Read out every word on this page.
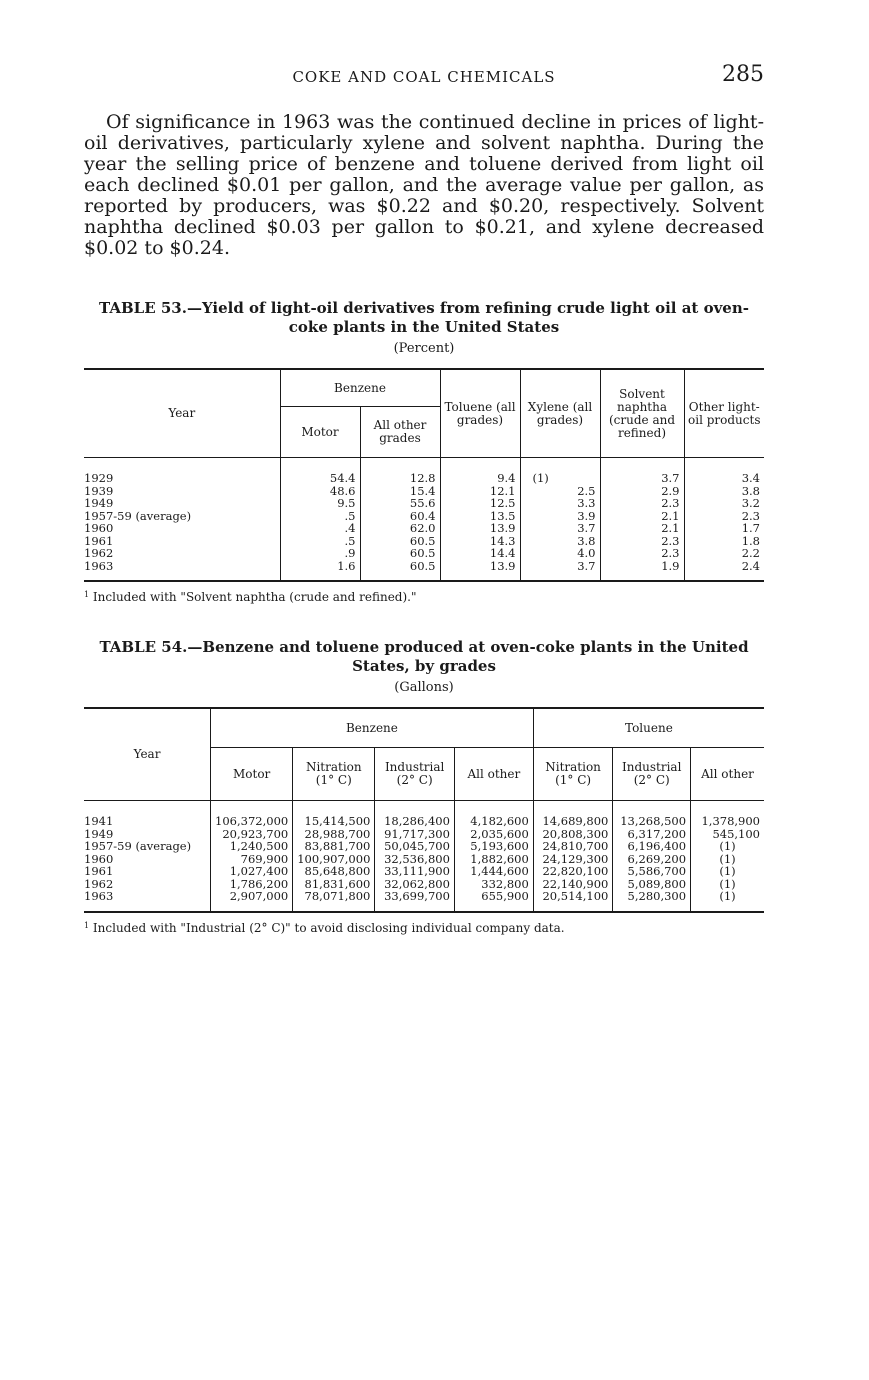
COKE AND COAL CHEMICALS	285

Of significance in 1963 was the continued decline in prices of light-oil derivatives, particularly xylene and solvent naphtha. During the year the selling price of benzene and toluene derived from light oil each declined $0.01 per gallon, and the average value per gallon, as reported by producers, was $0.22 and $0.20, respectively. Solvent naphtha declined $0.03 per gallon to $0.21, and xylene decreased $0.02 to $0.24.

TABLE 53.—Yield of light-oil derivatives from refining crude light oil at oven-coke plants in the United States
(Percent)
Year	Benzene		Toluene (all grades)	Xylene (all grades)	Solvent naphtha (crude and refined)	Other light-oil products
	Motor	All other grades				
1929	54.4	12.8	9.4	(1)	3.7	3.4
1939	48.6	15.4	12.1	2.5	2.9	3.8
1949	9.5	55.6	12.5	3.3	2.3	3.2
1957-59 (average)	.5	60.4	13.5	3.9	2.1	2.3
1960	.4	62.0	13.9	3.7	2.1	1.7
1961	.5	60.5	14.3	3.8	2.3	1.8
1962	.9	60.5	14.4	4.0	2.3	2.2
1963	1.6	60.5	13.9	3.7	1.9	2.4
$^1$ Included with "Solvent naphtha (crude and refined)."
TABLE 54.—Benzene and toluene produced at oven-coke plants in the United States, by grades
(Gallons)
Year	Benzene				Toluene		
	Motor	Nitration (1° C)	Industrial (2° C)	All other	Nitration (1° C)	Industrial (2° C)	All other
1941	106,372,000	15,414,500	18,286,400	4,182,600	14,689,800	13,268,500	1,378,900
1949	20,923,700	28,988,700	91,717,300	2,035,600	20,808,300	6,317,200	545,100
1957-59 (average)	1,240,500	83,881,700	50,045,700	5,193,600	24,810,700	6,196,400	(1)
1960	769,900	100,907,000	32,536,800	1,882,600	24,129,300	6,269,200	(1)
1961	1,027,400	85,648,800	33,111,900	1,444,600	22,820,100	5,586,700	(1)
1962	1,786,200	81,831,600	32,062,800	332,800	22,140,900	5,089,800	(1)
1963	2,907,000	78,071,800	33,699,700	655,900	20,514,100	5,280,300	(1)
$^1$ Included with "Industrial (2° C)" to avoid disclosing individual company data.
